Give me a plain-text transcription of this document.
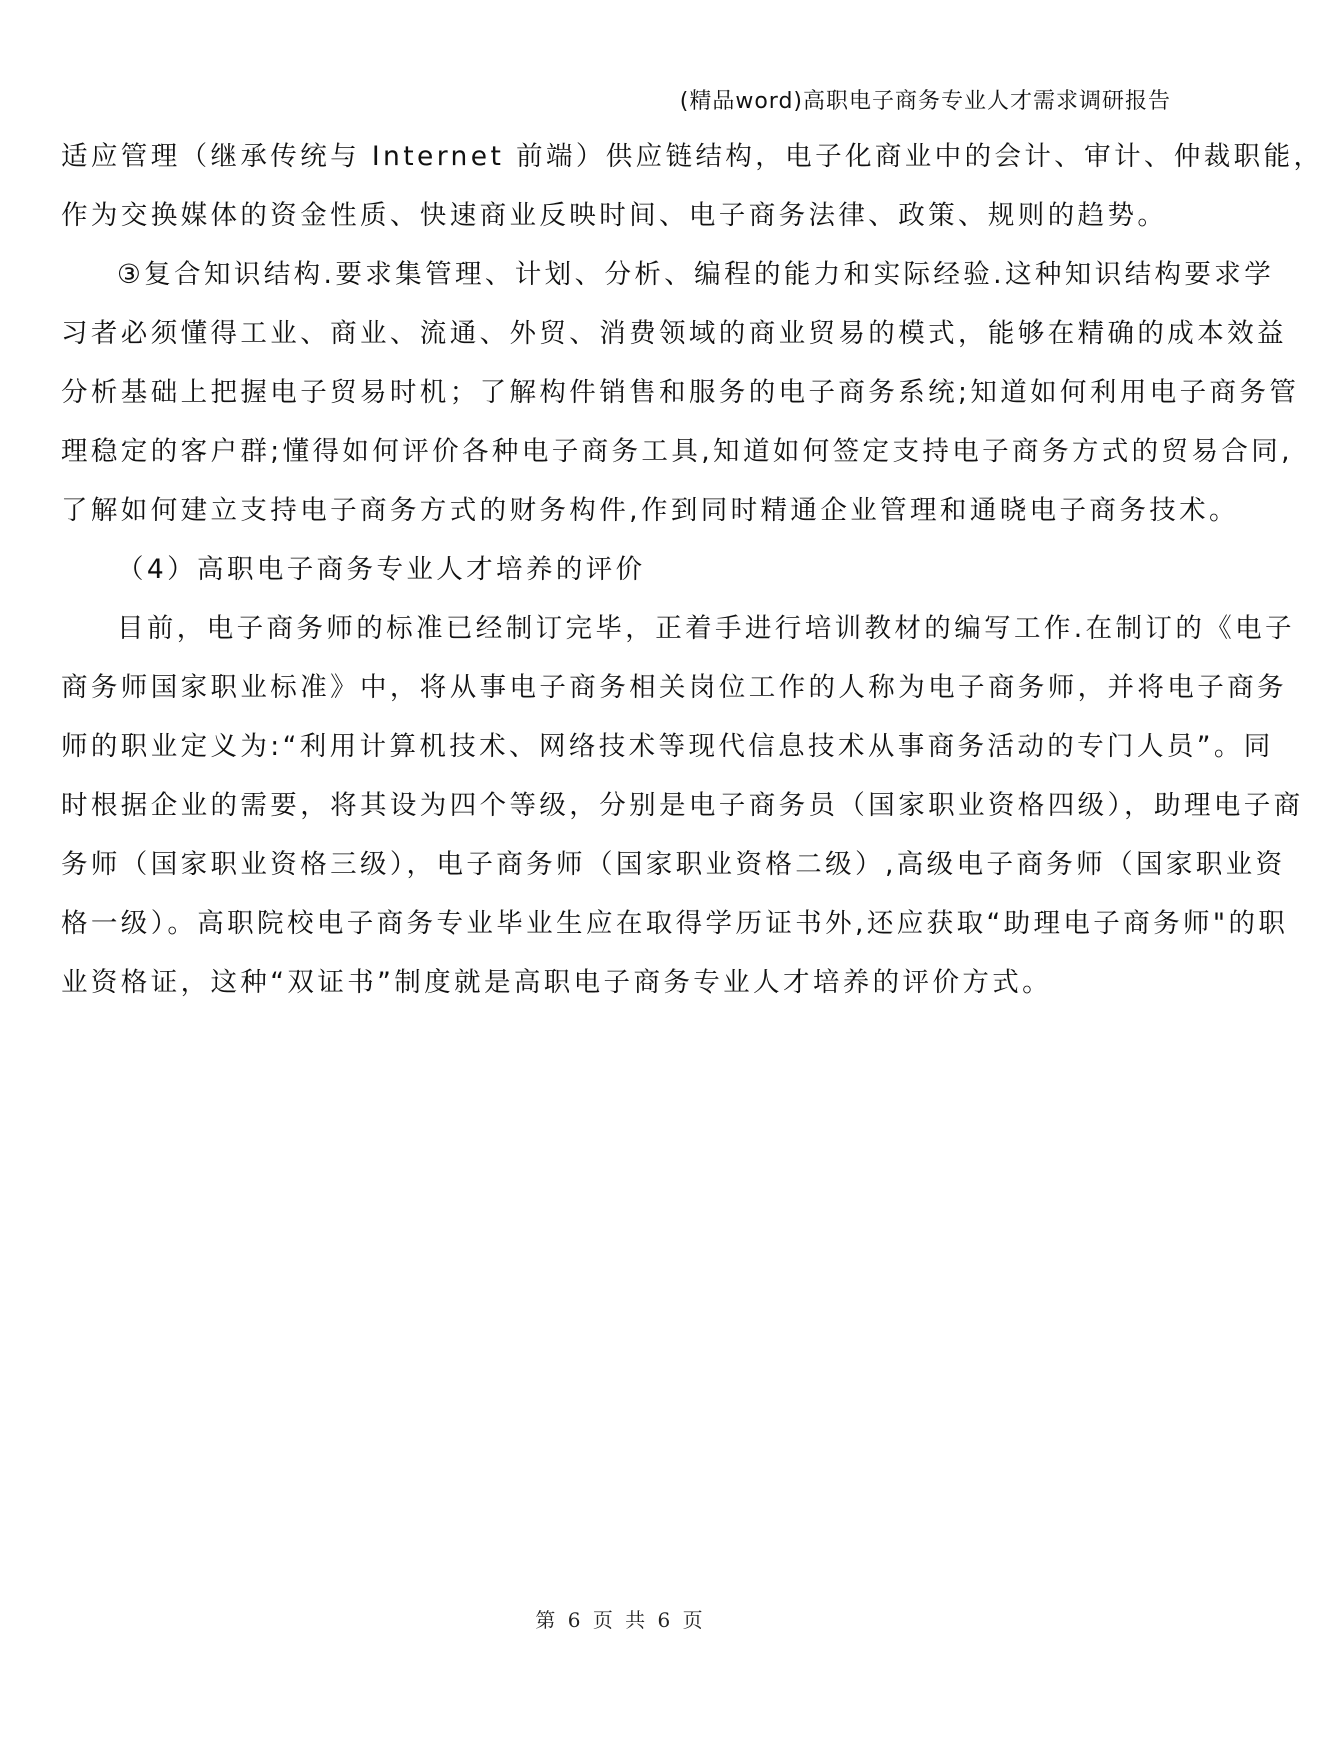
(精品word)高职电子商务专业人才需求调研报告
适应管理（继承传统与 Internet 前端）供应链结构，电子化商业中的会计、审计、仲裁职能，
作为交换媒体的资金性质、快速商业反映时间、电子商务法律、政策、规则的趋势。
③复合知识结构.要求集管理、计划、分析、编程的能力和实际经验.这种知识结构要求学
习者必须懂得工业、商业、流通、外贸、消费领域的商业贸易的模式，能够在精确的成本效益
分析基础上把握电子贸易时机；了解构件销售和服务的电子商务系统;知道如何利用电子商务管
理稳定的客户群;懂得如何评价各种电子商务工具,知道如何签定支持电子商务方式的贸易合同,
了解如何建立支持电子商务方式的财务构件,作到同时精通企业管理和通晓电子商务技术。
（4）高职电子商务专业人才培养的评价
目前，电子商务师的标准已经制订完毕，正着手进行培训教材的编写工作.在制订的《电子
商务师国家职业标准》中，将从事电子商务相关岗位工作的人称为电子商务师，并将电子商务
师的职业定义为:“利用计算机技术、网络技术等现代信息技术从事商务活动的专门人员”。同
时根据企业的需要，将其设为四个等级，分别是电子商务员（国家职业资格四级），助理电子商
务师（国家职业资格三级），电子商务师（国家职业资格二级）,高级电子商务师（国家职业资
格一级）。高职院校电子商务专业毕业生应在取得学历证书外,还应获取“助理电子商务师"的职
业资格证，这种“双证书”制度就是高职电子商务专业人才培养的评价方式。
第 6 页 共 6 页
